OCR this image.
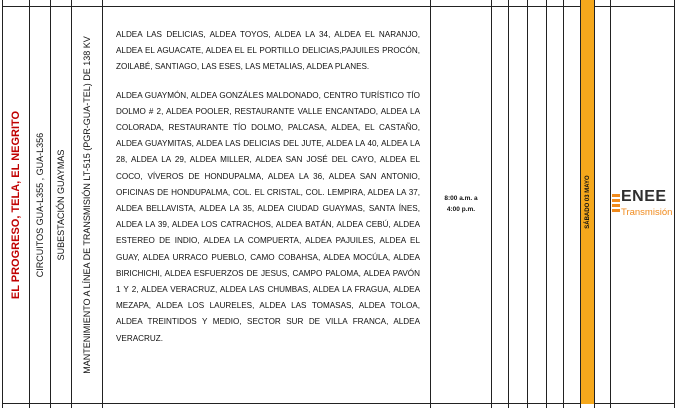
EL PROGRESO, TELA, EL NEGRITO CIRCUITOS GUA-L355 , GUA-L356 SUBESTACIÓN GUAYMAS MANTENIMIENTO A LÍNEA DE TRANSMISIÓN LT-515 (PGR-GUA-TEL) DE 138 KV

ALDEA LAS DELICIAS, ALDEA TOYOS, ALDEA LA 34, ALDEA EL NARANJO, ALDEA EL AGUACATE, ALDEA EL EL PORTILLO DELICIAS,PAJUILES PROCÓN, ZOILABÉ, SANTIAGO, LAS ESES, LAS METALIAS, ALDEA PLANES.

ALDEA GUAYMÓN, ALDEA GONZÁLES MALDONADO, CENTRO TURÍSTICO TÍO DOLMO # 2, ALDEA POOLER, RESTAURANTE VALLE ENCANTADO, ALDEA LA COLORADA, RESTAURANTE TÍO DOLMO, PALCASA, ALDEA, EL CASTAÑO, ALDEA GUAYMITAS, ALDEA LAS DELICIAS DEL JUTE, ALDEA LA 40, ALDEA LA 28, ALDEA LA 29, ALDEA MILLER, ALDEA SAN JOSÉ DEL CAYO, ALDEA EL COCO, VÍVEROS DE HONDUPALMA, ALDEA LA 36, ALDEA SAN ANTONIO, OFICINAS DE HONDUPALMA, COL. EL CRISTAL, COL. LEMPIRA, ALDEA LA 37, ALDEA BELLAVISTA, ALDEA LA 35, ALDEA CIUDAD GUAYMAS, SANTA ÍNES, ALDEA LA 39, ALDEA LOS CATRACHOS, ALDEA BATÁN, ALDEA CEBÚ, ALDEA ESTEREO DE INDIO, ALDEA LA COMPUERTA, ALDEA PAJUILES, ALDEA EL GUAY, ALDEA URRACO PUEBLO, CAMO COBAHSA, ALDEA MOCÚLA, ALDEA BIRICHICHI, ALDEA ESFUERZOS DE JESUS, CAMPO PALOMA, ALDEA PAVÓN 1 Y 2, ALDEA VERACRUZ, ALDEA LAS CHUMBAS, ALDEA LA FRAGUA, ALDEA MEZAPA, ALDEA LOS LAURELES, ALDEA LAS TOMASAS, ALDEA TOLOA, ALDEA TREINTIDOS Y MEDIO, SECTOR SUR DE VILLA FRANCA, ALDEA VERACRUZ.

8:00 a.m. a
4:00 p.m.	SÁBADO 03 MAYO ENEE
Transmisión
